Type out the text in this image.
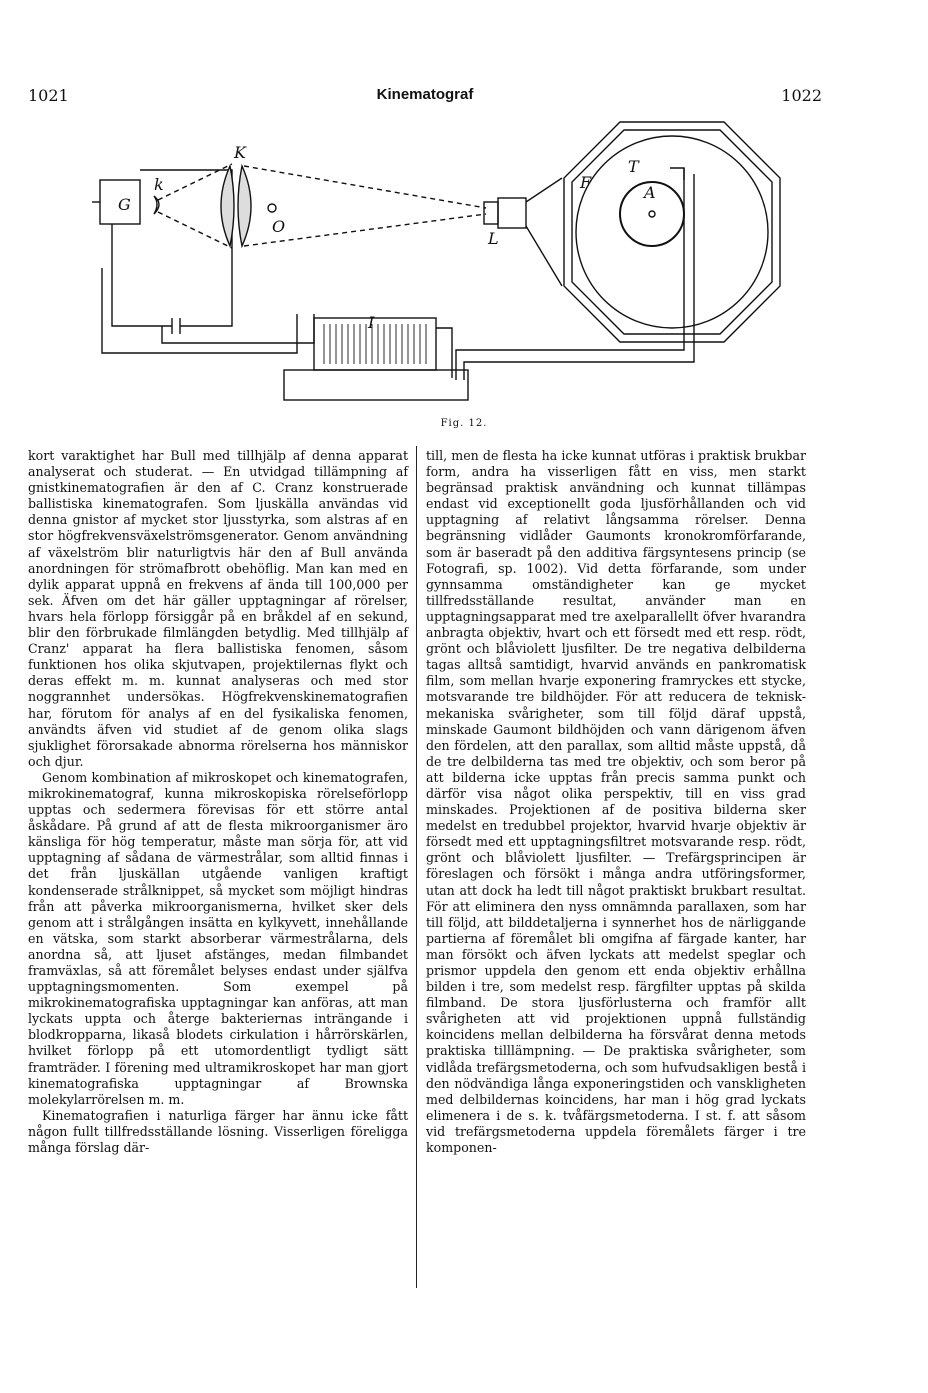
1021	Kinematograf	1022
G
k
K
O
L
F
T
A
I
Fig. 12.

kort varaktighet har Bull med tillhjälp af denna apparat analyserat och studerat. — En utvidgad tillämpning af gnistkinematografien är den af C. Cranz konstruerade ballistiska kinematografen. Som ljuskälla användas vid denna gnistor af mycket stor ljusstyrka, som alstras af en stor högfrekvensväxelströmsgenerator. Genom användning af växelström blir naturligtvis här den af Bull använda anordningen för strömafbrott obehöflig. Man kan med en dylik apparat uppnå en frekvens af ända till 100,000 per sek. Äfven om det här gäller upptagningar af rörelser, hvars hela förlopp försiggår på en bråkdel af en sekund, blir den förbrukade filmlängden betydlig. Med tillhjälp af Cranz' apparat ha flera ballistiska fenomen, såsom funktionen hos olika skjutvapen, projektilernas flykt och deras effekt m. m. kunnat analyseras och med stor noggrannhet undersökas. Högfrekvenskinematografien har, förutom för analys af en del fysikaliska fenomen, användts äfven vid studiet af de genom olika slags sjuklighet förorsakade abnorma rörelserna hos människor och djur.

Genom kombination af mikroskopet och kinematografen, mikrokinematograf, kunna mikroskopiska rörelseförlopp upptas och sedermera förevisas för ett större antal åskådare. På grund af att de flesta mikroorganismer äro känsliga för hög temperatur, måste man sörja för, att vid upptagning af sådana de värmestrålar, som alltid finnas i det från ljuskällan utgående vanligen kraftigt kondenserade strålknippet, så mycket som möjligt hindras från att påverka mikroorganismerna, hvilket sker dels genom att i strålgången insätta en kylkyvett, innehållande en vätska, som starkt absorberar värmestrålarna, dels anordna så, att ljuset afstänges, medan filmbandet framväxlas, så att föremålet belyses endast under själfva upptagningsmomenten. Som exempel på mikrokinematografiska upptagningar kan anföras, att man lyckats uppta och återge bakteriernas inträngande i blodkropparna, likaså blodets cirkulation i hårrörskärlen, hvilket förlopp på ett utomordentligt tydligt sätt framträder. I förening med ultramikroskopet har man gjort kinematografiska upptagningar af Brownska molekylarrörelsen m. m.

Kinematografien i naturliga färger har ännu icke fått någon fullt tillfredsställande lösning. Visserligen föreligga många förslag där-

till, men de flesta ha icke kunnat utföras i praktisk brukbar form, andra ha visserligen fått en viss, men starkt begränsad praktisk användning och kunnat tillämpas endast vid exceptionellt goda ljusförhållanden och vid upptagning af relativt långsamma rörelser. Denna begränsning vidlåder Gaumonts kronokromförfarande, som är baseradt på den additiva färgsyntesens princip (se Fotografi, sp. 1002). Vid detta förfarande, som under gynnsamma omständigheter kan ge mycket tillfredsställande resultat, använder man en upptagningsapparat med tre axelparallellt öfver hvarandra anbragta objektiv, hvart och ett försedt med ett resp. rödt, grönt och blåviolett ljusfilter. De tre negativa delbilderna tagas alltså samtidigt, hvarvid används en pankromatisk film, som mellan hvarje exponering framryckes ett stycke, motsvarande tre bildhöjder. För att reducera de teknisk-mekaniska svårigheter, som till följd däraf uppstå, minskade Gaumont bildhöjden och vann därigenom äfven den fördelen, att den parallax, som alltid måste uppstå, då de tre delbilderna tas med tre objektiv, och som beror på att bilderna icke upptas från precis samma punkt och därför visa något olika perspektiv, till en viss grad minskades. Projektionen af de positiva bilderna sker medelst en tredubbel projektor, hvarvid hvarje objektiv är försedt med ett upptagningsfiltret motsvarande resp. rödt, grönt och blåviolett ljusfilter. — Trefärgsprincipen är föreslagen och försökt i många andra utföringsformer, utan att dock ha ledt till något praktiskt brukbart resultat. För att eliminera den nyss omnämnda parallaxen, som har till följd, att bilddetaljerna i synnerhet hos de närliggande partierna af föremålet bli omgifna af färgade kanter, har man försökt och äfven lyckats att medelst speglar och prismor uppdela den genom ett enda objektiv erhållna bilden i tre, som medelst resp. färgfilter upptas på skilda filmband. De stora ljusförlusterna och framför allt svårigheten att vid projektionen uppnå fullständig koincidens mellan delbilderna ha försvårat denna metods praktiska tilllämpning. — De praktiska svårigheter, som vidlåda trefärgsmetoderna, och som hufvudsakligen bestå i den nödvändiga långa exponeringstiden och vanskligheten med delbildernas koincidens, har man i hög grad lyckats elimenera i de s. k. tvåfärgsmetoderna. I st. f. att såsom vid trefärgsmetoderna uppdela föremålets färger i tre komponen-
